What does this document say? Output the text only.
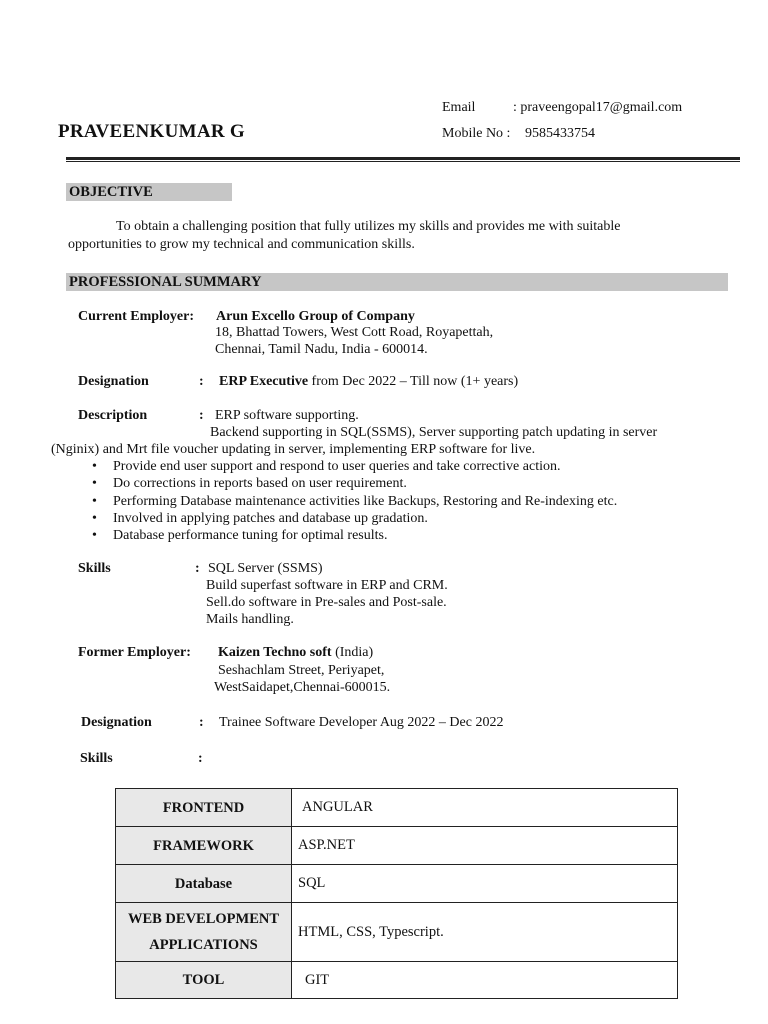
Email	: praveengopal17@gmail.com
PRAVEENKUMAR G	Mobile No : 9585433754
OBJECTIVE
To obtain a challenging position that fully utilizes my skills and provides me with suitable
opportunities to grow my technical and communication skills.
PROFESSIONAL SUMMARY
Current Employer: Arun Excello Group of Company
18, Bhattad Towers, West Cott Road, Royapettah,
Chennai, Tamil Nadu, India - 600014.
Designation	: ERP Executive from Dec 2022 – Till now (1+ years)
Description	: ERP software supporting.
Backend supporting in SQL(SSMS), Server supporting patch updating in server
(Nginix) and Mrt file voucher updating in server, implementing ERP software for live.
• Provide end user support and respond to user queries and take corrective action.
• Do corrections in reports based on user requirement.
• Performing Database maintenance activities like Backups, Restoring and Re-indexing etc.
• Involved in applying patches and database up gradation.
• Database performance tuning for optimal results.
Skills	: SQL Server (SSMS)
Build superfast software in ERP and CRM.
Sell.do software in Pre-sales and Post-sale.
Mails handling.
Former Employer: Kaizen Techno soft (India)
Seshachlam Street, Periyapet,
WestSaidapet,Chennai-600015.
Designation	: Trainee Software Developer Aug 2022 – Dec 2022
Skills	:
FRONTEND	ANGULAR
FRAMEWORK	ASP.NET
Database	SQL

WEB DEVELOPMENT
APPLICATIONS	HTML, CSS, Typescript.
TOOL	GIT
